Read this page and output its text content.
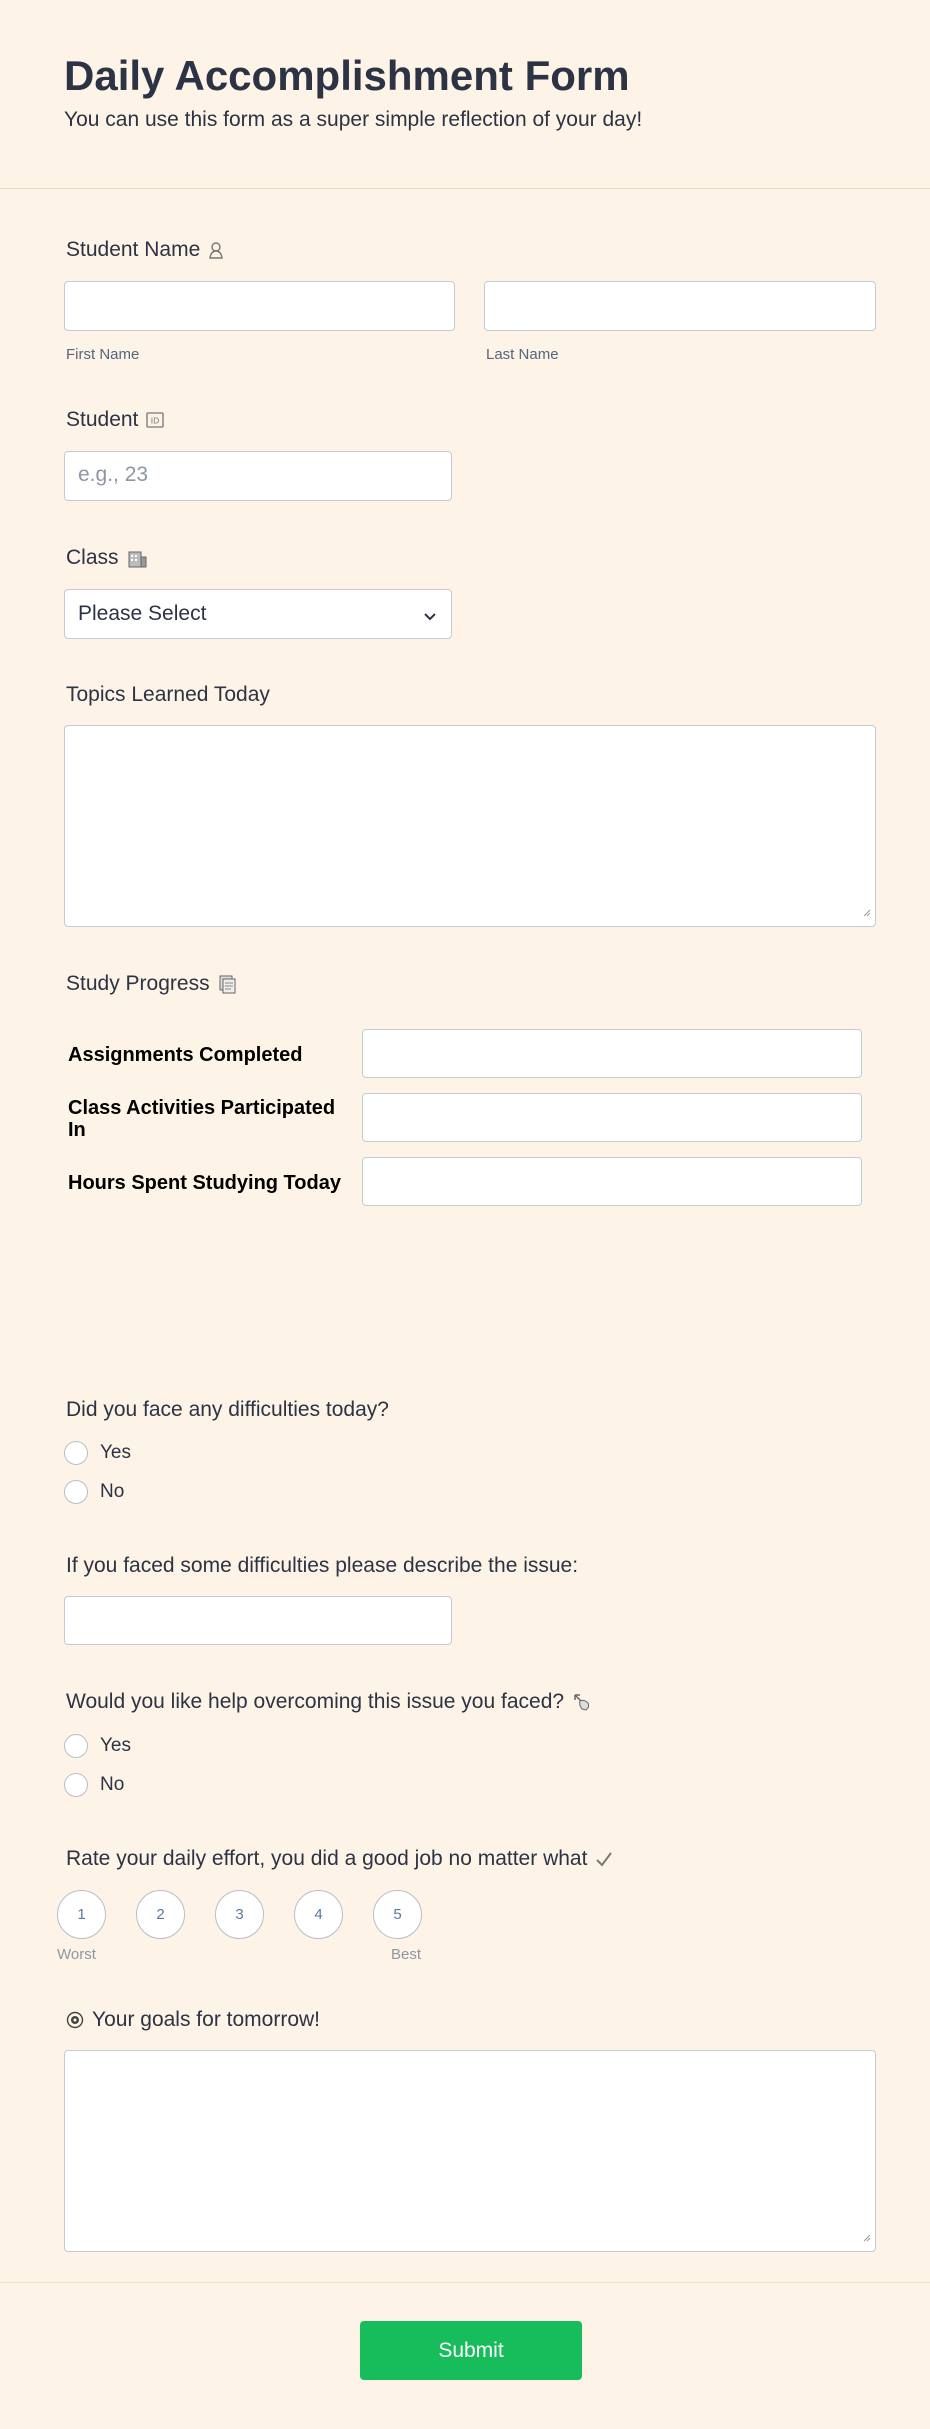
Daily Accomplishment Form
You can use this form as a super simple reflection of your day!
Student Name
First Name	Last Name
Student ID
e.g., 23
Class
Please Select
Topics Learned Today
Study Progress
Assignments Completed
Class Activities Participated In
Hours Spent Studying Today
Did you face any difficulties today?
Yes
No
If you faced some difficulties please describe the issue:
Would you like help overcoming this issue you faced?
Yes
No
Rate your daily effort, you did a good job no matter what
1	2	3	4	5
Worst	Best
Your goals for tomorrow!
Submit
